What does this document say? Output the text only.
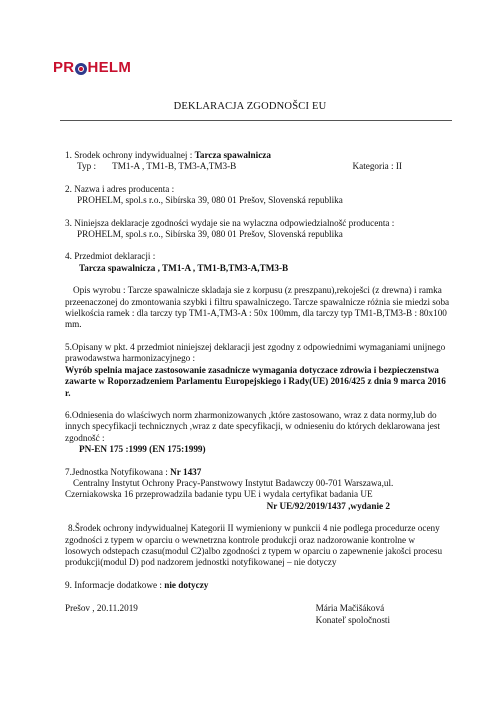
PR HELM
DEKLARACJA ZGODNOŠCI EU

1. Srodek ochrony indywidualnej : Tarcza spawalnicza

Typ : TM1-A , TM1-B, TM3-A,TM3-B	Kategoria : II

2. Nazwa i adres producenta :

PROHELM, spol.s r.o., Sibírska 39, 080 01 Prešov, Slovenská republika

3. Niniejsza deklaracje zgodności wydaje sie na wylaczna odpowiedzialnošć producenta :

PROHELM, spol.s r.o., Sibírska 39, 080 01 Prešov, Slovenská republika

4. Przedmiot deklaracji :

Tarcza spawalnicza , TM1-A , TM1-B,TM3-A,TM3-B

Opis wyrobu : Tarcze spawalnicze skladaja sie z korpusu (z preszpanu),rekoješci (z drewna) i ramka przeenaczonej do zmontowania szybki i filtru spawalniczego. Tarcze spawalnicze różnia sie miedzi soba wielkościa ramek : dla tarczy typ TM1-A,TM3-A : 50x 100mm, dla tarczy typ TM1-B,TM3-B : 80x100 mm.

5.Opisany w pkt. 4 przedmiot niniejszej deklaracji jest zgodny z odpowiednimi wymaganiami unijnego prawodawstwa harmonizacyjnego :

Wyrób spelnia majace zastosowanie zasadnicze wymagania dotyczace zdrowia i bezpieczenstwa zawarte w Roporzadzeniem Parlamentu Europejskiego i Rady(UE) 2016/425 z dnia 9 marca 2016 r.

6.Odniesenia do wlaściwych norm zharmonizowanych ,które zastosowano, wraz z data normy,lub do innych specyfikacji technicznych ,wraz z date specyfikacji, w odnieseniu do których deklarowana jest zgodnošć :

PN-EN 175 :1999 (EN 175:1999)

7.Jednostka Notyfikowana : Nr 1437

Centralny Instytut Ochrony Pracy-Panstwowy Instytut Badawczy 00-701 Warszawa,ul. Czerniakowska 16 przeprowadzila badanie typu UE i wydala certyfikat badania UE

Nr UE/92/2019/1437 ,wydanie 2

8.Šrodek ochrony indywidualnej Kategorii II wymieniony w punkcii 4 nie podlega procedurze oceny zgodności z typem w oparciu o wewnetrzna kontrole produkcji oraz nadzorowanie kontrolne w losowych odstepach czasu(modul C2)albo zgodności z typem w oparciu o zapewnenie jakošci procesu produkcji(modul D) pod nadzorem jednostki notyfikowanej – nie dotyczy

9. Informacje dodatkowe : nie dotyczy

Prešov , 20.11.2019	Mária Mačišáková

Konateľ spoločnosti
